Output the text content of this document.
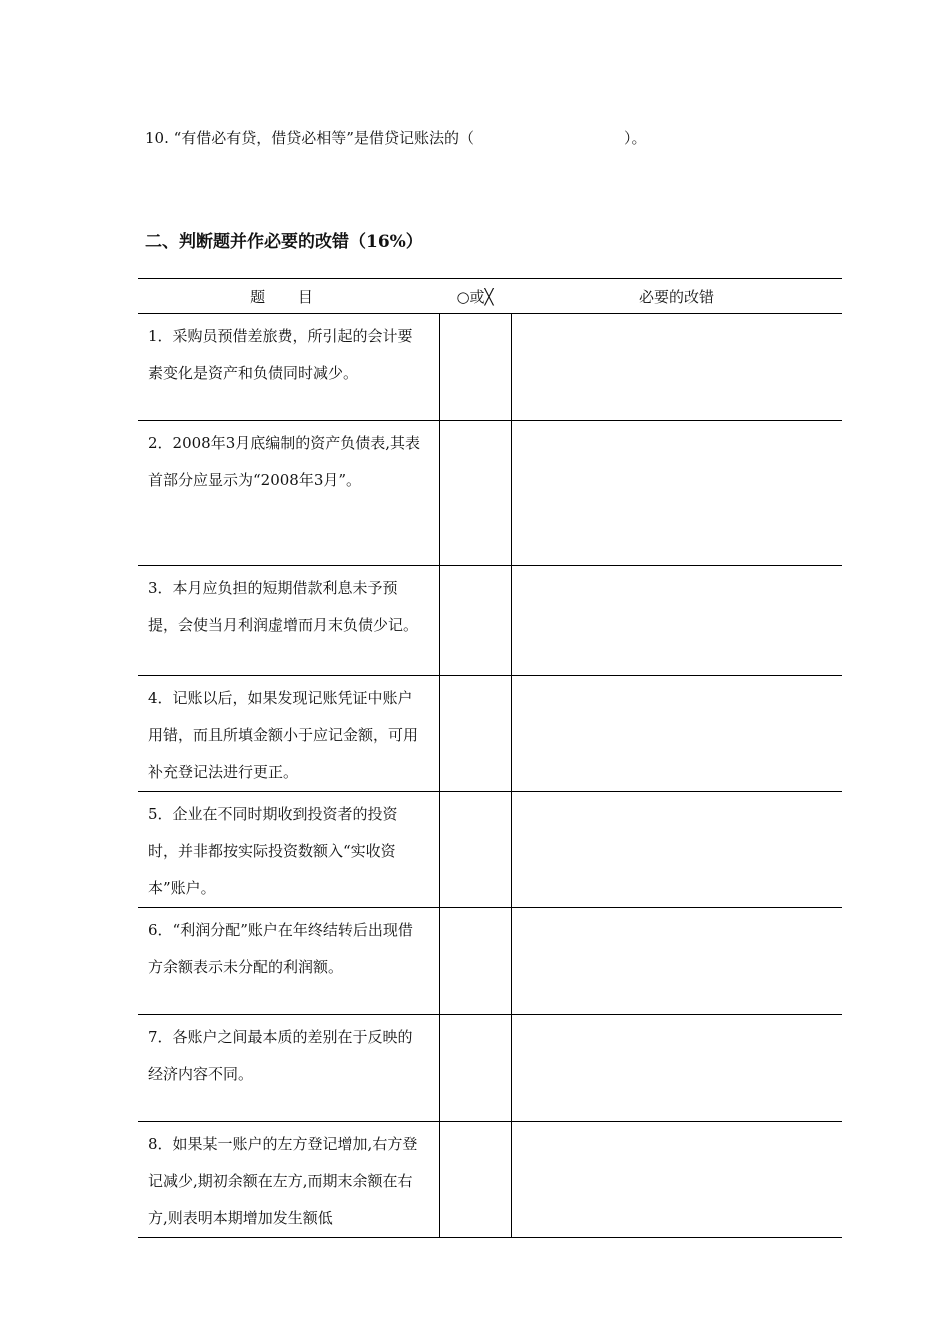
10. “有借必有贷，借贷必相等”是借贷记账法的（	）。
二、判断题并作必要的改错（16%）
题 目	○或╳	必要的改错

1．采购员预借差旅费，所引起的会计要素变化是资产和负债同时减少。		

2．2008年3月底编制的资产负债表,其表首部分应显示为“2008年3月”。		

3．本月应负担的短期借款利息未予预提，会使当月利润虚增而月末负债少记。		

4．记账以后，如果发现记账凭证中账户用错，而且所填金额小于应记金额，可用补充登记法进行更正。		

5．企业在不同时期收到投资者的投资时，并非都按实际投资数额入“实收资本”账户。		

6．“利润分配”账户在年终结转后出现借方余额表示未分配的利润额。		

7．各账户之间最本质的差别在于反映的经济内容不同。		

8．如果某一账户的左方登记增加,右方登记减少,期初余额在左方,而期末余额在右方,则表明本期增加发生额低		
